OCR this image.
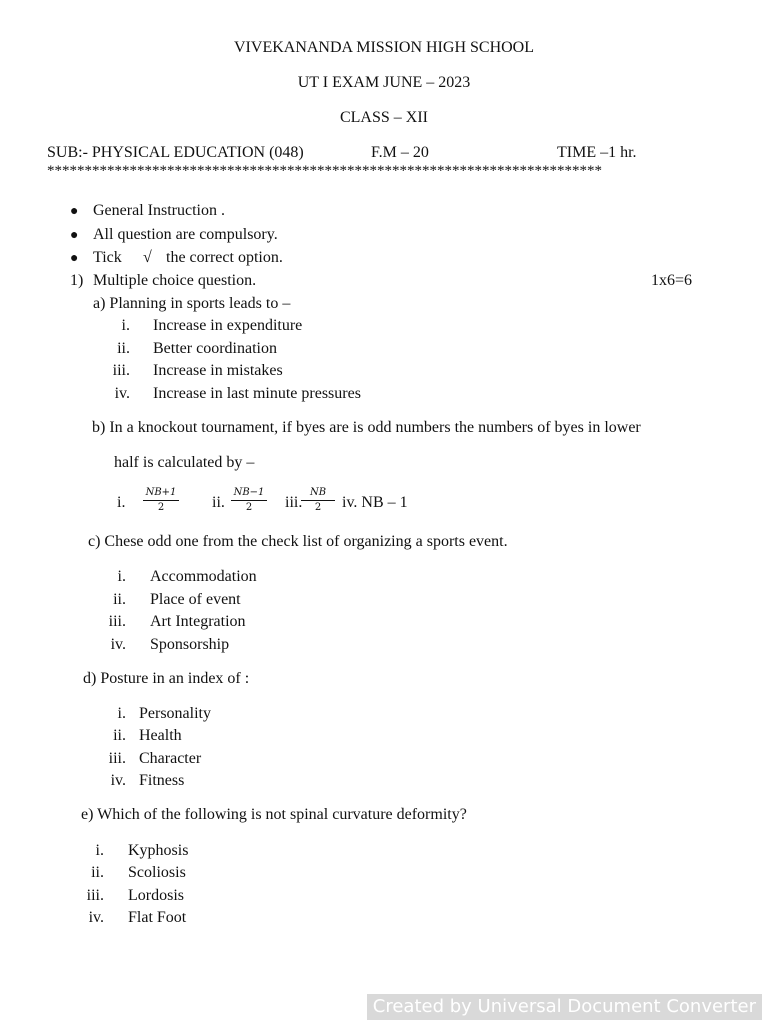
VIVEKANANDA MISSION HIGH SCHOOL
UT I EXAM JUNE – 2023
CLASS – XII
SUB:- PHYSICAL EDUCATION (048)	F.M – 20	TIME –1 hr.
**************************************************************************
● General Instruction .
● All question are compulsory.
● Tick √ the correct option.
1) Multiple choice question.	1x6=6
a) Planning in sports leads to –
i. Increase in expenditure
ii. Better coordination
iii. Increase in mistakes
iv. Increase in last minute pressures
b) In a knockout tournament, if byes are is odd numbers the numbers of byes in lower
half is calculated by –
i.
NB+1
2	ii.
NB−1
2	iii.
NB
2	iv. NB – 1
c) Chese odd one from the check list of organizing a sports event.
i. Accommodation
ii. Place of event
iii. Art Integration
iv. Sponsorship
d) Posture in an index of :
i. Personality
ii. Health
iii. Character
iv. Fitness
e) Which of the following is not spinal curvature deformity?
i. Kyphosis
ii. Scoliosis
iii. Lordosis
iv. Flat Foot
Created by Universal Document Converter
